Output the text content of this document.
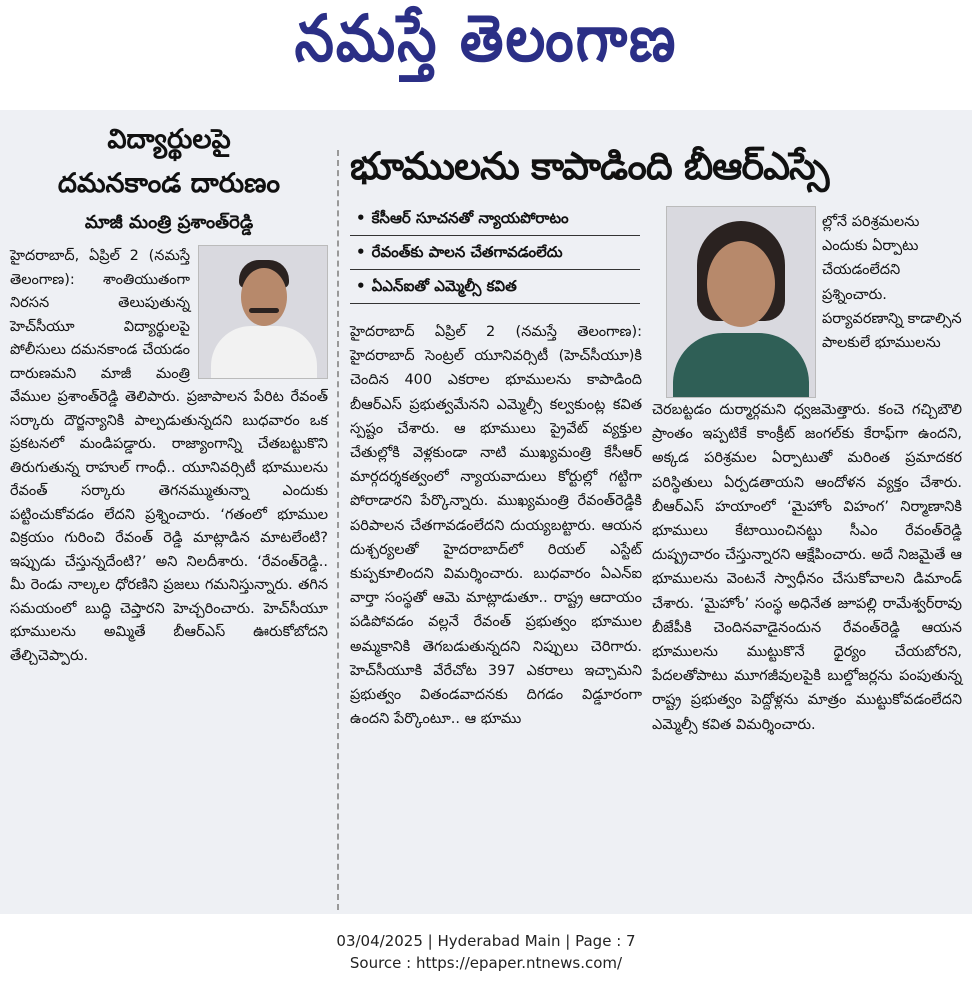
నమస్తే తెలంగాణ
విద్యార్థులపై
దమనకాండ దారుణం
మాజీ మంత్రి ప్రశాంత్‌రెడ్డి

హైదరాబాద్, ఏప్రిల్ 2 (నమస్తే తెలంగాణ): శాంతియుతంగా నిరసన తెలుపుతున్న హెచ్‌సీయూ విద్యార్థులపై పోలీసులు దమనకాండ చేయడం దారుణమని మాజీ మంత్రి వేముల ప్రశాంత్‌రెడ్డి తెలిపారు. ప్రజాపాలన పేరిట రేవంత్ సర్కారు దౌర్జన్యానికి పాల్పడుతున్నదని బుధవారం ఒక ప్రకటనలో మండిపడ్డారు. రాజ్యాంగాన్ని చేతబట్టుకొని తిరుగుతున్న రాహుల్ గాంధీ.. యూనివర్సిటీ భూములను రేవంత్ సర్కారు తెగనమ్ముతున్నా ఎందుకు పట్టించుకోవడం లేదని ప్రశ్నించారు. ‘గతంలో భూముల విక్రయం గురించి రేవంత్ రెడ్డి మాట్లాడిన మాటలేంటి? ఇప్పుడు చేస్తున్నదేంటి?’ అని నిలదీశారు. ‘రేవంత్‌రెడ్డి.. మీ రెండు నాల్కల ధోరణిని ప్రజలు గమనిస్తున్నారు. తగిన సమయంలో బుద్ధి చెప్తారని హెచ్చరించారు. హెచ్‌సీయూ భూములను అమ్మితే బీఆర్‌ఎస్ ఊరుకోబోదని తేల్చిచెప్పారు.

భూములను కాపాడింది బీఆర్‌ఎస్సే
• కేసీఆర్ సూచనతో న్యాయపోరాటం
• రేవంత్‌కు పాలన చేతగావడంలేదు
• ఏఎన్ఐతో ఎమ్మెల్సీ కవిత

హైదరాబాద్ ఏప్రిల్ 2 (నమస్తే తెలంగాణ): హైదరాబాద్ సెంట్రల్ యూనివర్సిటీ (హెచ్‌సీయూ)కి చెందిన 400 ఎకరాల భూములను కాపాడింది బీఆర్‌ఎస్ ప్రభుత్వమేనని ఎమ్మెల్సీ కల్వకుంట్ల కవిత స్పష్టం చేశారు. ఆ భూములు ప్రైవేట్ వ్యక్తుల చేతుల్లోకి వెళ్లకుండా నాటి ముఖ్యమంత్రి కేసీఆర్ మార్గదర్శకత్వంలో న్యాయవాదులు కోర్టుల్లో గట్టిగా పోరాడారని పేర్కొన్నారు. ముఖ్యమంత్రి రేవంత్‌రెడ్డికి పరిపాలన చేతగావడంలేదని దుయ్యబట్టారు. ఆయన దుశ్చర్యలతో హైదరాబాద్‌లో రియల్ ఎస్టేట్ కుప్పకూలిందని విమర్శించారు. బుధవారం ఏఎన్ఐ వార్తా సంస్థతో ఆమె మాట్లాడుతూ.. రాష్ట్ర ఆదాయం పడిపోవడం వల్లనే రేవంత్ ప్రభుత్వం భూముల అమ్మకానికి తెగబడుతున్నదని నిప్పులు చెరిగారు. హెచ్‌సీయూకి వేరేచోట 397 ఎకరాలు ఇచ్చామని ప్రభుత్వం వితండవాదనకు దిగడం విడ్డూరంగా ఉందని పేర్కొంటూ.. ఆ భూము

ల్లోనే పరిశ్రమలను ఎందుకు ఏర్పాటు చేయడంలేదని ప్రశ్నించారు. పర్యావరణాన్ని కాడాల్సిన పాలకులే భూములను

చెరబట్టడం దుర్మార్గమని ధ్వజమెత్తారు. కంచె గచ్చిబౌలి ప్రాంతం ఇప్పటికే కాంక్రీట్ జంగల్‌కు కేరాఫ్‌గా ఉందని, అక్కడ పరిశ్రమల ఏర్పాటుతో మరింత ప్రమాదకర పరిస్థితులు ఏర్పడతాయని ఆందోళన వ్యక్తం చేశారు. బీఆర్‌ఎస్ హయాంలో ‘మైహోం విహంగ’ నిర్మాణానికి భూములు కేటాయించినట్టు సీఎం రేవంత్‌రెడ్డి దుష్ప్రచారం చేస్తున్నారని ఆక్షేపించారు. అదే నిజమైతే ఆ భూములను వెంటనే స్వాధీనం చేసుకోవాలని డిమాండ్ చేశారు. ‘మైహోం’ సంస్థ అధినేత జూపల్లి రామేశ్వర్‌రావు బీజేపీకి చెందినవాడైనందున రేవంత్‌రెడ్డి ఆయన భూములను ముట్టుకొనే ధైర్యం చేయబోరని, పేదలతోపాటు మూగజీవులపైకి బుల్డోజర్లను పంపుతున్న రాష్ట్ర ప్రభుత్వం పెద్దోళ్లను మాత్రం ముట్టుకోవడంలేదని ఎమ్మెల్సీ కవిత విమర్శించారు.

03/04/2025 | Hyderabad Main | Page : 7
Source : https://epaper.ntnews.com/
